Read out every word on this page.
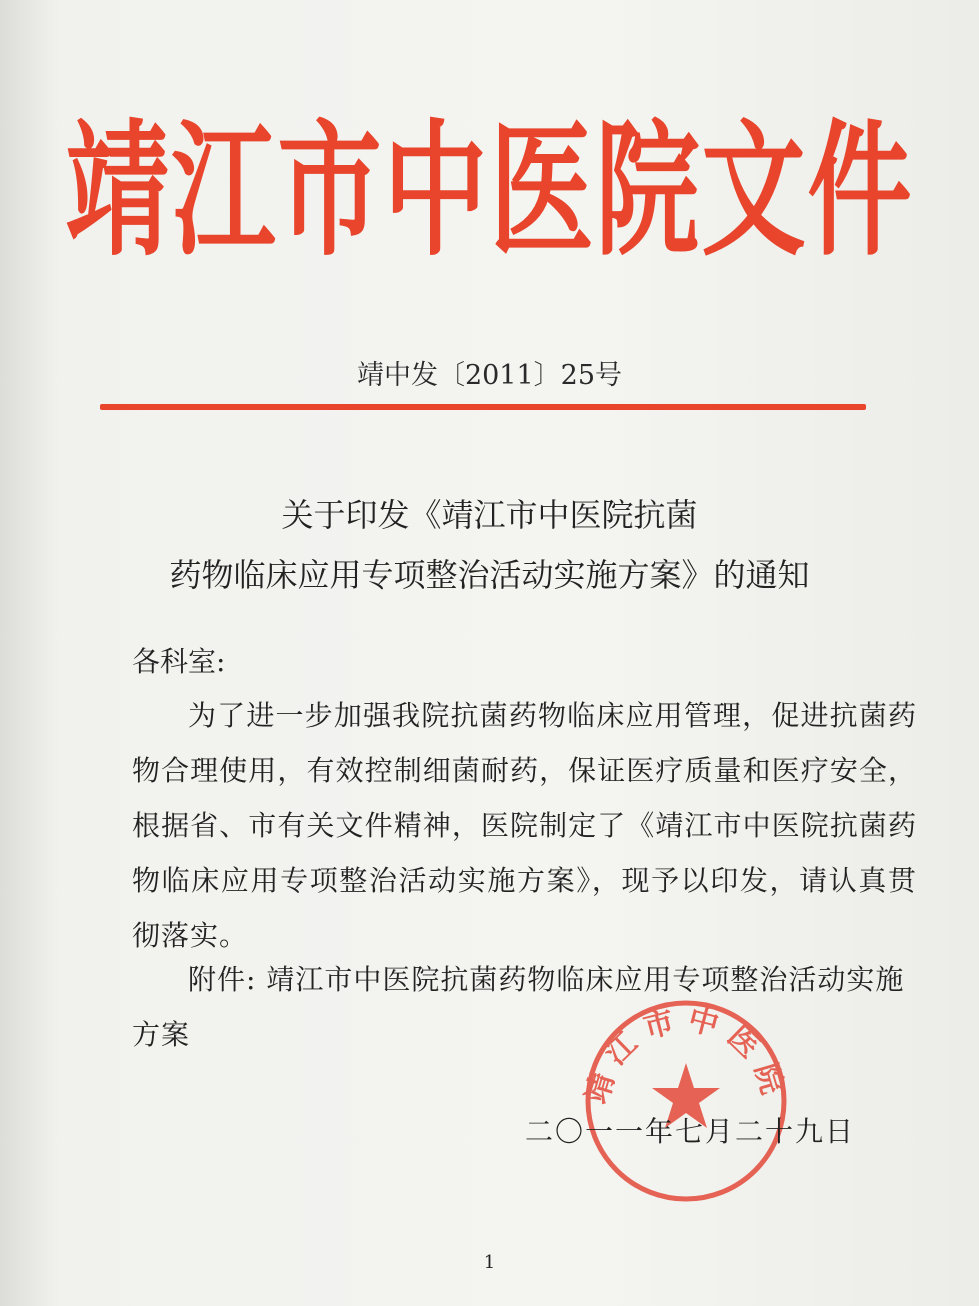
靖江市中医院文件
靖中发〔2011〕25号
关于印发《靖江市中医院抗菌
药物临床应用专项整治活动实施方案》的通知
各科室:
为了进一步加强我院抗菌药物临床应用管理，促进抗菌药物合理使用，有效控制细菌耐药，保证医疗质量和医疗安全，根据省、市有关文件精神，医院制定了《靖江市中医院抗菌药物临床应用专项整治活动实施方案》，现予以印发，请认真贯彻落实。
附件: 靖江市中医院抗菌药物临床应用专项整治活动实施方案
靖江市中医院
二〇一一年七月二十九日
1
